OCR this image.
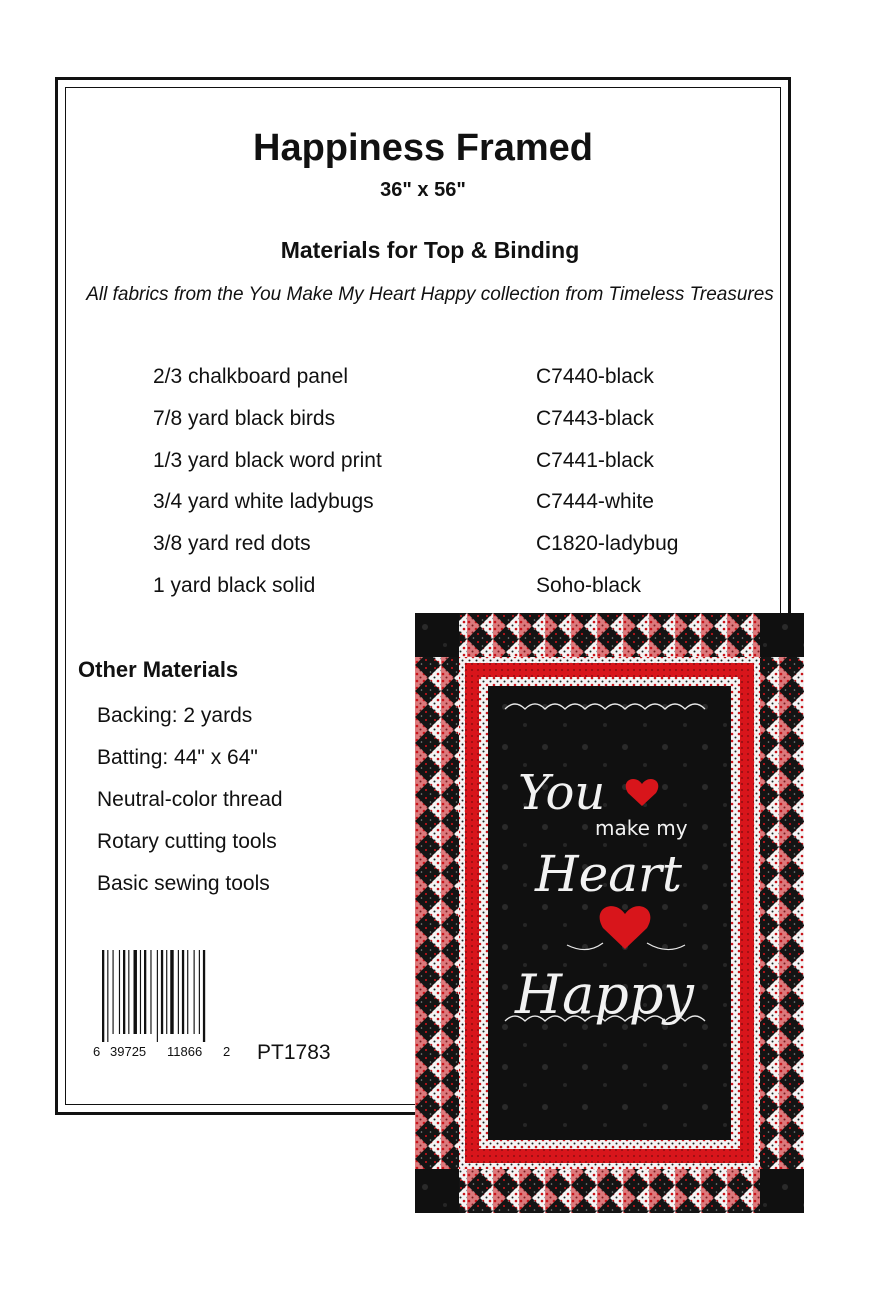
Happiness Framed
36" x 56"
Materials for Top & Binding
All fabrics from the You Make My Heart Happy collection from Timeless Treasures
2/3 chalkboard panel	C7440-black
7/8 yard black birds	C7443-black
1/3 yard black word print	C7441-black
3/4 yard white ladybugs	C7444-white
3/8 yard red dots	C1820-ladybug
1 yard black solid	Soho-black
Other Materials
Backing: 2 yards
Batting: 44" x 64"
Neutral-color thread
Rotary cutting tools
Basic sewing tools
6 39725 11866 2 PT1783
You
make my
Heart
Happy
